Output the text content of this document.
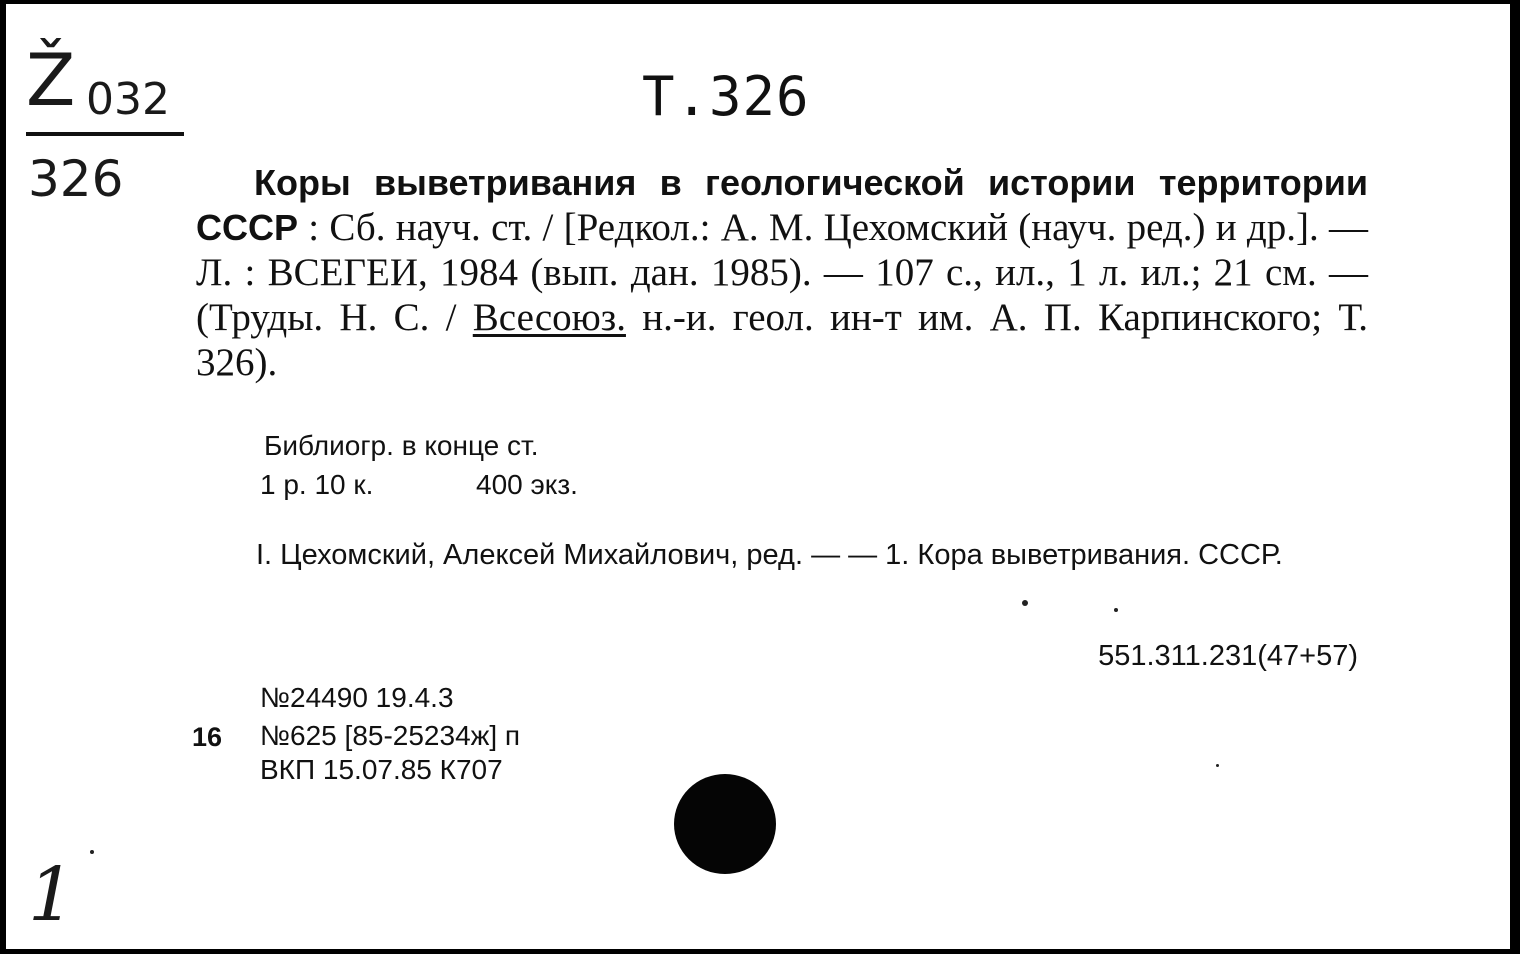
Ž 032
326
Т.326
Коры выветривания в геологической истории территории СССР : Сб. науч. ст. / [Редкол.: А. М. Цехомский (науч. ред.) и др.]. — Л. : ВСЕГЕИ, 1984 (вып. дан. 1985). — 107 с., ил., 1 л. ил.; 21 см. — (Труды. Н. С. / Всесоюз. н.-и. геол. ин-т им. А. П. Карпинского; Т. 326).
Библиогр. в конце ст.
1 р. 10 к.	400 экз.
I. Цехомский, Алексей Михайлович, ред. — — 1. Кора выветривания. СССР.
551.311.231(47+57)
№24490 19.4.3
16 №625 [85-25234ж] п
ВКП 15.07.85 К707
1
